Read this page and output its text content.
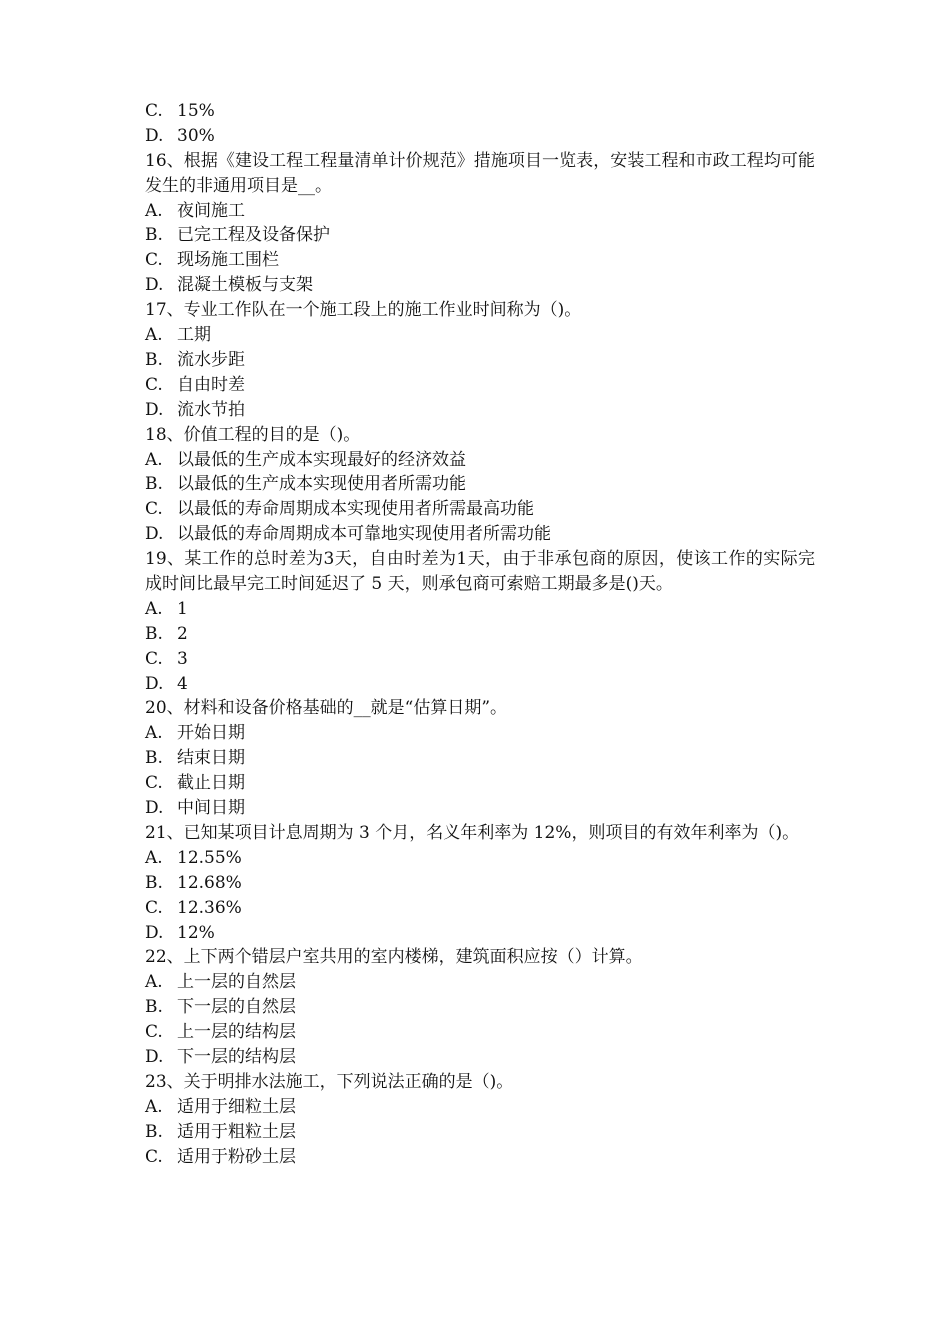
C. 15%
D. 30%
16、根据《建设工程工程量清单计价规范》措施项目一览表，安装工程和市政工程均可能发生的非通用项目是__。
A. 夜间施工
B. 已完工程及设备保护
C. 现场施工围栏
D. 混凝土模板与支架
17、专业工作队在一个施工段上的施工作业时间称为（)。
A. 工期
B. 流水步距
C. 自由时差
D. 流水节拍
18、价值工程的目的是（)。
A. 以最低的生产成本实现最好的经济效益
B. 以最低的生产成本实现使用者所需功能
C. 以最低的寿命周期成本实现使用者所需最高功能
D. 以最低的寿命周期成本可靠地实现使用者所需功能
19、某工作的总时差为3天，自由时差为1天，由于非承包商的原因，使该工作的实际完成时间比最早完工时间延迟了 5 天，则承包商可索赔工期最多是()天。
A. 1
B. 2
C. 3
D. 4
20、材料和设备价格基础的__就是“估算日期”。
A. 开始日期
B. 结束日期
C. 截止日期
D. 中间日期
21、已知某项目计息周期为 3 个月，名义年利率为 12%，则项目的有效年利率为（)。
A. 12.55%
B. 12.68%
C. 12.36%
D. 12%
22、上下两个错层户室共用的室内楼梯，建筑面积应按（）计算。
A. 上一层的自然层
B. 下一层的自然层
C. 上一层的结构层
D. 下一层的结构层
23、关于明排水法施工，下列说法正确的是（)。
A. 适用于细粒土层
B. 适用于粗粒土层
C. 适用于粉砂土层
